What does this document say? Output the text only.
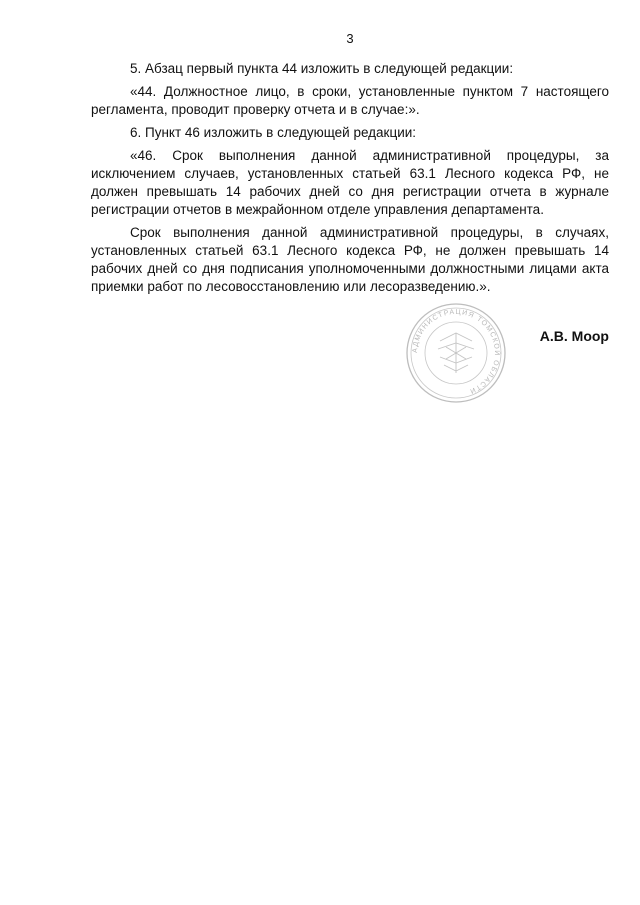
3

5. Абзац первый пункта 44 изложить в следующей редакции:

«44. Должностное лицо, в сроки, установленные пунктом 7 настоящего регламента, проводит проверку отчета и в случае:».

6. Пункт 46 изложить в следующей редакции:

«46. Срок выполнения данной административной процедуры, за исключением случаев, установленных статьей 63.1 Лесного кодекса РФ, не должен превышать 14 рабочих дней со дня регистрации отчета в журнале регистрации отчетов в межрайонном отделе управления департамента.

Срок выполнения данной административной процедуры, в случаях, установленных статьей 63.1 Лесного кодекса РФ, не должен превышать 14 рабочих дней со дня подписания уполномоченными должностными лицами акта приемки работ по лесовосстановлению или лесоразведению.».

АДМИНИСТРАЦИЯ ТОМСКОЙ ОБЛАСТИ
А.В. Моор
